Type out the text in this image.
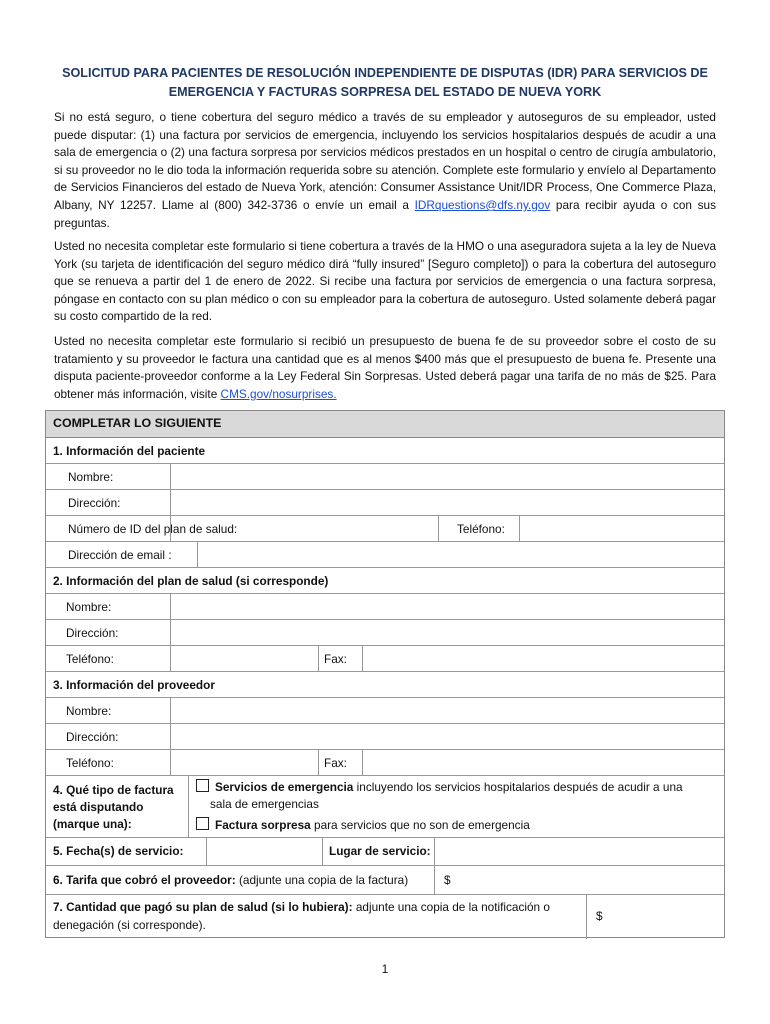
SOLICITUD PARA PACIENTES DE RESOLUCIÓN INDEPENDIENTE DE DISPUTAS (IDR) PARA SERVICIOS DE EMERGENCIA Y FACTURAS SORPRESA DEL ESTADO DE NUEVA YORK

Si no está seguro, o tiene cobertura del seguro médico a través de su empleador y autoseguros de su empleador, usted puede disputar: (1) una factura por servicios de emergencia, incluyendo los servicios hospitalarios después de acudir a una sala de emergencia o (2) una factura sorpresa por servicios médicos prestados en un hospital o centro de cirugía ambulatorio, si su proveedor no le dio toda la información requerida sobre su atención. Complete este formulario y envíelo al Departamento de Servicios Financieros del estado de Nueva York, atención: Consumer Assistance Unit/IDR Process, One Commerce Plaza, Albany, NY 12257. Llame al (800) 342-3736 o envíe un email a IDRquestions@dfs.ny.gov para recibir ayuda o con sus preguntas.

Usted no necesita completar este formulario si tiene cobertura a través de la HMO o una aseguradora sujeta a la ley de Nueva York (su tarjeta de identificación del seguro médico dirá “fully insured” [Seguro completo]) o para la cobertura del autoseguro que se renueva a partir del 1 de enero de 2022. Si recibe una factura por servicios de emergencia o una factura sorpresa, póngase en contacto con su plan médico o con su empleador para la cobertura de autoseguro. Usted solamente deberá pagar su costo compartido de la red.

Usted no necesita completar este formulario si recibió un presupuesto de buena fe de su proveedor sobre el costo de su tratamiento y su proveedor le factura una cantidad que es al menos $400 más que el presupuesto de buena fe. Presente una disputa paciente-proveedor conforme a la Ley Federal Sin Sorpresas. Usted deberá pagar una tarifa de no más de $25. Para obtener más información, visite CMS.gov/nosurprises.

COMPLETAR LO SIGUIENTE
1. Información del paciente
Nombre:
Dirección:
Número de ID del plan de salud:	Teléfono:
Dirección de email :
2. Información del plan de salud (si corresponde)
Nombre:
Dirección:
Teléfono:	Fax:
3. Información del proveedor
Nombre:
Dirección:
Teléfono:	Fax:
4. Qué tipo de factura
está disputando
(marque una):
Servicios de emergencia incluyendo los servicios hospitalarios después de acudir a una
sala de emergencias
Factura sorpresa para servicios que no son de emergencia
5. Fecha(s) de servicio:	Lugar de servicio:
6. Tarifa que cobró el proveedor: (adjunte una copia de la factura)	$
7. Cantidad que pagó su plan de salud (si lo hubiera): adjunte una copia de la notificación o
denegación (si corresponde).
$
1
